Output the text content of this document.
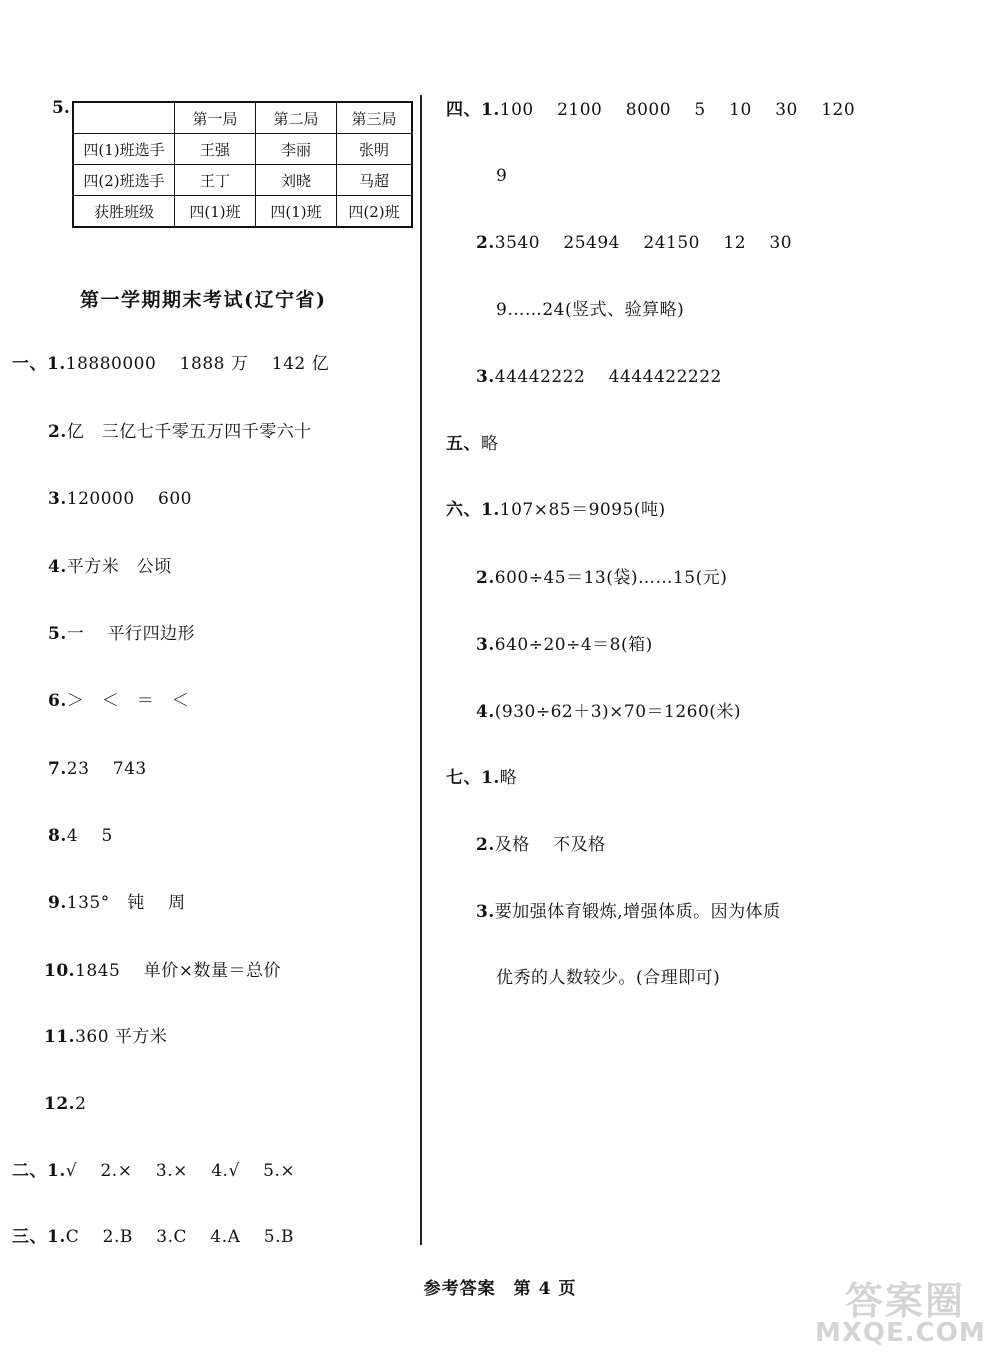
5.
	第一局	第二局	第三局
四(1)班选手	王强	李丽	张明
四(2)班选手	王丁	刘晓	马超
获胜班级	四(1)班	四(1)班	四(2)班
第一学期期末考试(辽宁省)
一、1.18880000　 1888 万　 142 亿
2.亿　三亿七千零五万四千零六十
3.120000　 600
4.平方米　公顷
5.一　 平行四边形
6.＞　＜　＝　＜
7.23　 743
8.4　 5
9.135°　钝　 周
10.1845　 单价×数量＝总价
11.360 平方米
12.2
二、1.√　 2.×　 3.×　 4.√　 5.×
三、1.C　 2.B　 3.C　 4.A　 5.B
四、1.100　 2100　 8000　 5　 10　 30　 120
9
2.3540　 25494　 24150　 12　 30
9……24(竖式、验算略)
3.44442222　 4444422222
五、略
六、1.107×85＝9095(吨)
2.600÷45＝13(袋)……15(元)
3.640÷20÷4＝8(箱)
4.(930÷62＋3)×70＝1260(米)
七、1.略
2.及格　 不及格
3.要加强体育锻炼,增强体质。因为体质
优秀的人数较少。(合理即可)
参考答案　第 4 页	答案圈
MXQE.COM
